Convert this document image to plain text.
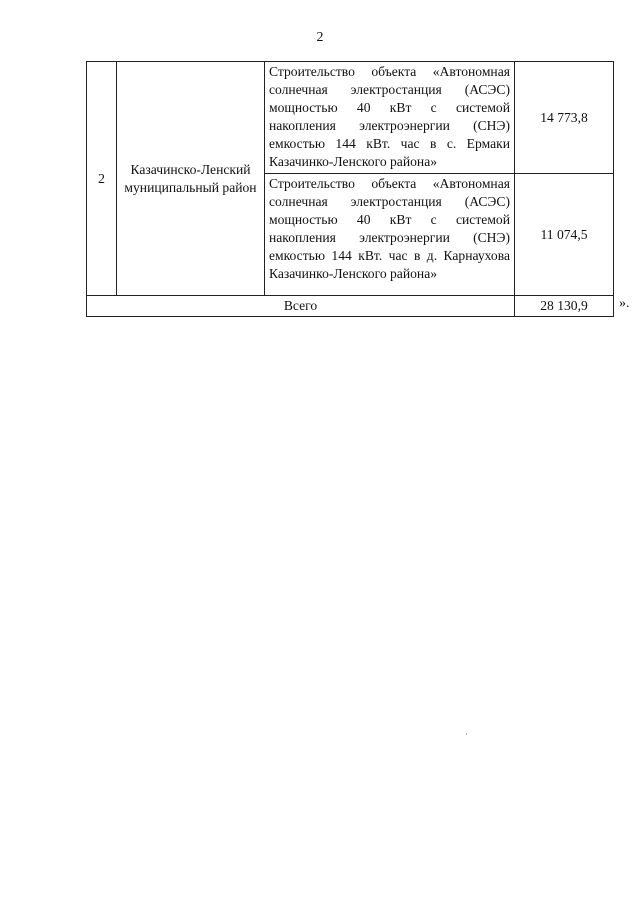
2
2	Казачинско-Ленский муниципальный район	Строительство объекта «Автономная солнечная электростанция (АСЭС) мощностью 40 кВт с системой накопления электроэнергии (СНЭ) емкостью 144 кВт. час в с. Ермаки Казачинко-Ленского района»	14 773,8
		Строительство объекта «Автономная солнечная электростанция (АСЭС) мощностью 40 кВт с системой накопления электроэнергии (СНЭ) емкостью 144 кВт. час в д. Карнаухова Казачинко-Ленского района»	11 074,5
Всего			28 130,9 ».
